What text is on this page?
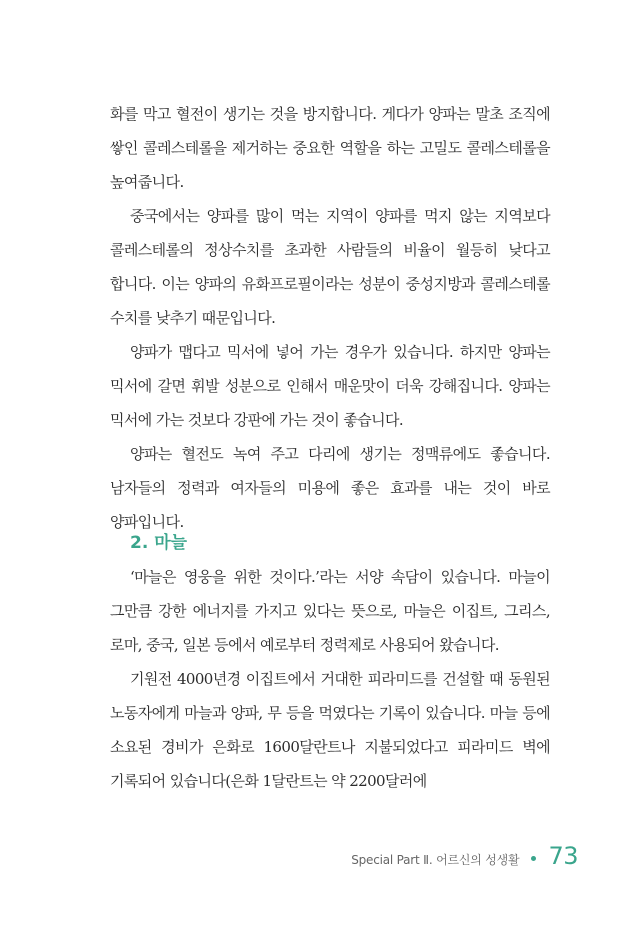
화를 막고 혈전이 생기는 것을 방지합니다. 게다가 양파는 말초 조직에 쌓인 콜레스테롤을 제거하는 중요한 역할을 하는 고밀도 콜레스테롤을 높여줍니다.

중국에서는 양파를 많이 먹는 지역이 양파를 먹지 않는 지역보다 콜레스테롤의 정상수치를 초과한 사람들의 비율이 월등히 낮다고 합니다. 이는 양파의 유화프로필이라는 성분이 중성지방과 콜레스테롤 수치를 낮추기 때문입니다.

양파가 맵다고 믹서에 넣어 가는 경우가 있습니다. 하지만 양파는 믹서에 갈면 휘발 성분으로 인해서 매운맛이 더욱 강해집니다. 양파는 믹서에 가는 것보다 강판에 가는 것이 좋습니다.

양파는 혈전도 녹여 주고 다리에 생기는 정맥류에도 좋습니다. 남자들의 정력과 여자들의 미용에 좋은 효과를 내는 것이 바로 양파입니다.

2. 마늘

‘마늘은 영웅을 위한 것이다.’라는 서양 속담이 있습니다. 마늘이 그만큼 강한 에너지를 가지고 있다는 뜻으로, 마늘은 이집트, 그리스, 로마, 중국, 일본 등에서 예로부터 정력제로 사용되어 왔습니다.

기원전 4000년경 이집트에서 거대한 피라미드를 건설할 때 동원된 노동자에게 마늘과 양파, 무 등을 먹였다는 기록이 있습니다. 마늘 등에 소요된 경비가 은화로 1600달란트나 지불되었다고 피라미드 벽에 기록되어 있습니다(은화 1달란트는 약 2200달러에

Special Part Ⅱ. 어르신의 성생활 73
